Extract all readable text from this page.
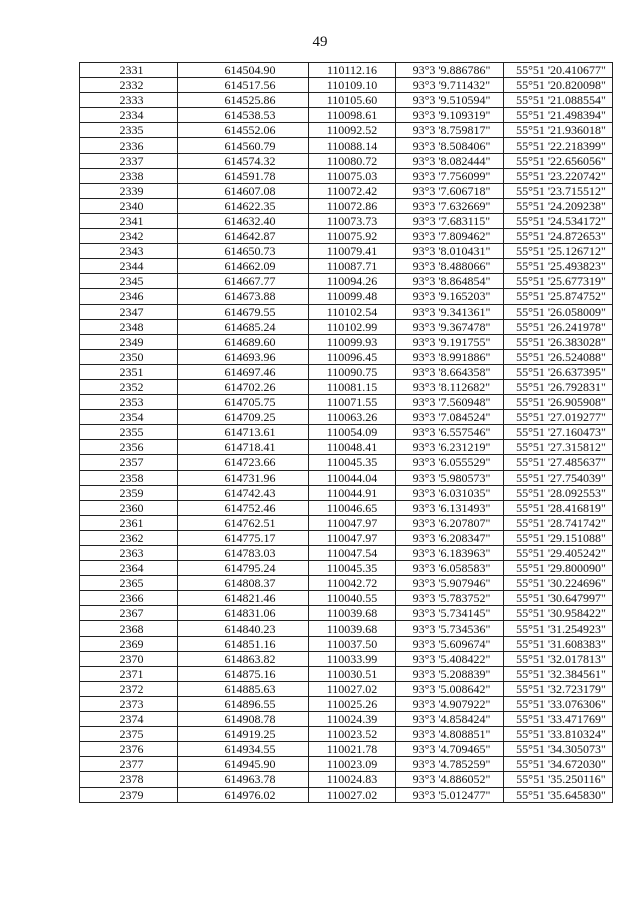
49
2331	614504.90	110112.16	93°3 '9.886786"	55°51 '20.410677"
2332	614517.56	110109.10	93°3 '9.711432"	55°51 '20.820098"
2333	614525.86	110105.60	93°3 '9.510594"	55°51 '21.088554"
2334	614538.53	110098.61	93°3 '9.109319"	55°51 '21.498394"
2335	614552.06	110092.52	93°3 '8.759817"	55°51 '21.936018"
2336	614560.79	110088.14	93°3 '8.508406"	55°51 '22.218399"
2337	614574.32	110080.72	93°3 '8.082444"	55°51 '22.656056"
2338	614591.78	110075.03	93°3 '7.756099"	55°51 '23.220742"
2339	614607.08	110072.42	93°3 '7.606718"	55°51 '23.715512"
2340	614622.35	110072.86	93°3 '7.632669"	55°51 '24.209238"
2341	614632.40	110073.73	93°3 '7.683115"	55°51 '24.534172"
2342	614642.87	110075.92	93°3 '7.809462"	55°51 '24.872653"
2343	614650.73	110079.41	93°3 '8.010431"	55°51 '25.126712"
2344	614662.09	110087.71	93°3 '8.488066"	55°51 '25.493823"
2345	614667.77	110094.26	93°3 '8.864854"	55°51 '25.677319"
2346	614673.88	110099.48	93°3 '9.165203"	55°51 '25.874752"
2347	614679.55	110102.54	93°3 '9.341361"	55°51 '26.058009"
2348	614685.24	110102.99	93°3 '9.367478"	55°51 '26.241978"
2349	614689.60	110099.93	93°3 '9.191755"	55°51 '26.383028"
2350	614693.96	110096.45	93°3 '8.991886"	55°51 '26.524088"
2351	614697.46	110090.75	93°3 '8.664358"	55°51 '26.637395"
2352	614702.26	110081.15	93°3 '8.112682"	55°51 '26.792831"
2353	614705.75	110071.55	93°3 '7.560948"	55°51 '26.905908"
2354	614709.25	110063.26	93°3 '7.084524"	55°51 '27.019277"
2355	614713.61	110054.09	93°3 '6.557546"	55°51 '27.160473"
2356	614718.41	110048.41	93°3 '6.231219"	55°51 '27.315812"
2357	614723.66	110045.35	93°3 '6.055529"	55°51 '27.485637"
2358	614731.96	110044.04	93°3 '5.980573"	55°51 '27.754039"
2359	614742.43	110044.91	93°3 '6.031035"	55°51 '28.092553"
2360	614752.46	110046.65	93°3 '6.131493"	55°51 '28.416819"
2361	614762.51	110047.97	93°3 '6.207807"	55°51 '28.741742"
2362	614775.17	110047.97	93°3 '6.208347"	55°51 '29.151088"
2363	614783.03	110047.54	93°3 '6.183963"	55°51 '29.405242"
2364	614795.24	110045.35	93°3 '6.058583"	55°51 '29.800090"
2365	614808.37	110042.72	93°3 '5.907946"	55°51 '30.224696"
2366	614821.46	110040.55	93°3 '5.783752"	55°51 '30.647997"
2367	614831.06	110039.68	93°3 '5.734145"	55°51 '30.958422"
2368	614840.23	110039.68	93°3 '5.734536"	55°51 '31.254923"
2369	614851.16	110037.50	93°3 '5.609674"	55°51 '31.608383"
2370	614863.82	110033.99	93°3 '5.408422"	55°51 '32.017813"
2371	614875.16	110030.51	93°3 '5.208839"	55°51 '32.384561"
2372	614885.63	110027.02	93°3 '5.008642"	55°51 '32.723179"
2373	614896.55	110025.26	93°3 '4.907922"	55°51 '33.076306"
2374	614908.78	110024.39	93°3 '4.858424"	55°51 '33.471769"
2375	614919.25	110023.52	93°3 '4.808851"	55°51 '33.810324"
2376	614934.55	110021.78	93°3 '4.709465"	55°51 '34.305073"
2377	614945.90	110023.09	93°3 '4.785259"	55°51 '34.672030"
2378	614963.78	110024.83	93°3 '4.886052"	55°51 '35.250116"
2379	614976.02	110027.02	93°3 '5.012477"	55°51 '35.645830"
